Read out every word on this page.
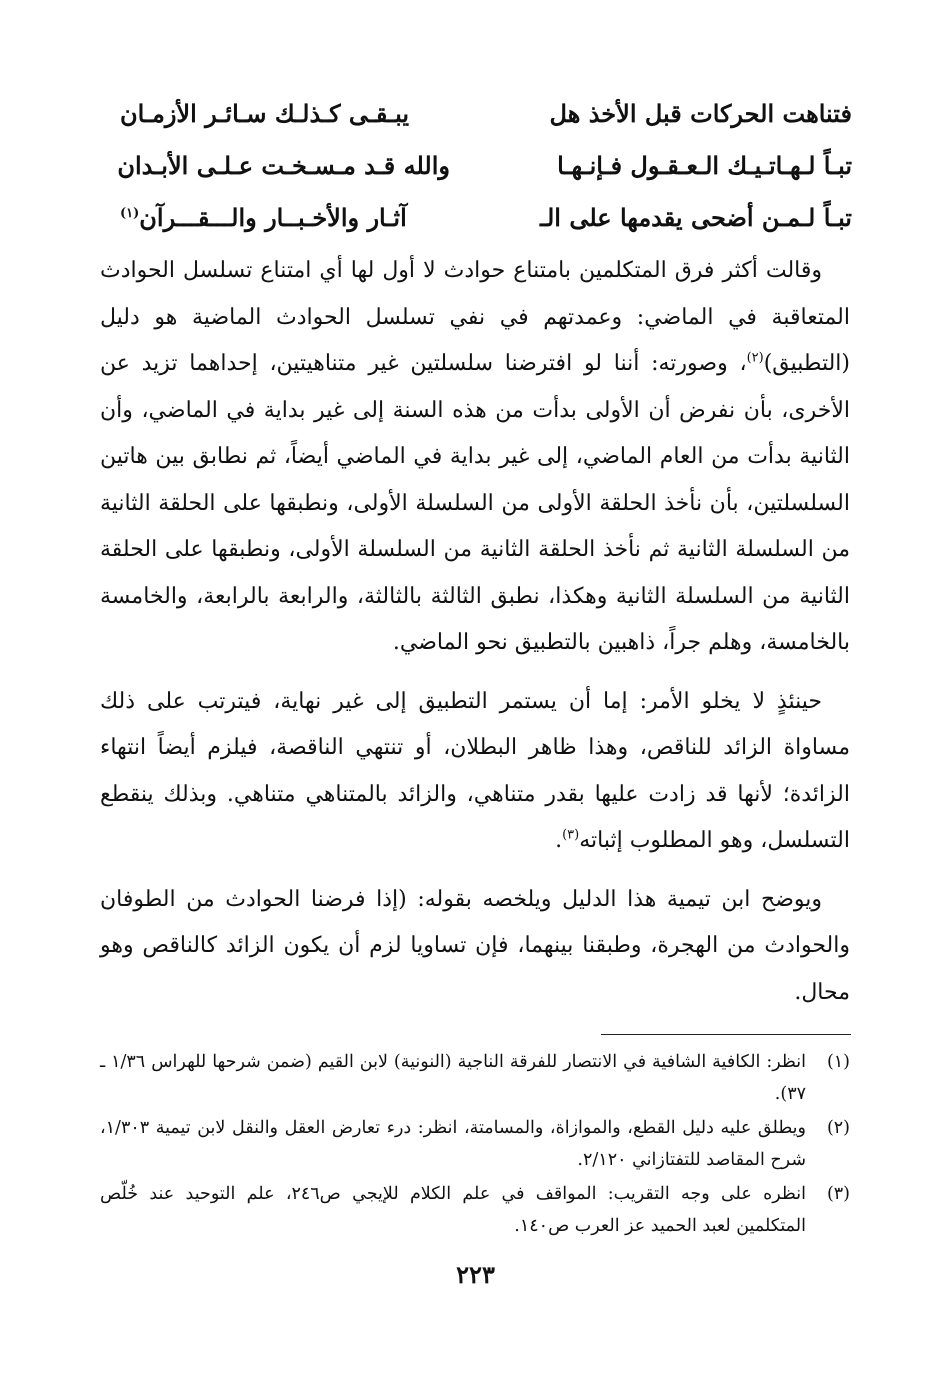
فتناهت الحركات قبل الأخذ هل
يبـقـى كـذلـك سـائـر الأزمـان
تبـاً لـهـاتـيـك الـعـقـول فـإنـهـا
والله قـد مـسـخـت عـلـى الأبـدان
تبـاً لـمـن أضحى يقدمها على الـ
آثـار والأخـبــار والـــقـــرآن$^{(١)}$

وقالت أكثر فرق المتكلمين بامتناع حوادث لا أول لها أي امتناع تسلسل الحوادث المتعاقبة في الماضي: وعمدتهم في نفي تسلسل الحوادث الماضية هو دليل (التطبيق)$^{(٢)}$، وصورته: أننا لو افترضنا سلسلتين غير متناهيتين، إحداهما تزيد عن الأخرى، بأن نفرض أن الأولى بدأت من هذه السنة إلى غير بداية في الماضي، وأن الثانية بدأت من العام الماضي، إلى غير بداية في الماضي أيضاً، ثم نطابق بين هاتين السلسلتين، بأن نأخذ الحلقة الأولى من السلسلة الأولى، ونطبقها على الحلقة الثانية من السلسلة الثانية ثم نأخذ الحلقة الثانية من السلسلة الأولى، ونطبقها على الحلقة الثانية من السلسلة الثانية وهكذا، نطبق الثالثة بالثالثة، والرابعة بالرابعة، والخامسة بالخامسة، وهلم جراً، ذاهبين بالتطبيق نحو الماضي.

حينئذٍ لا يخلو الأمر: إما أن يستمر التطبيق إلى غير نهاية، فيترتب على ذلك مساواة الزائد للناقص، وهذا ظاهر البطلان، أو تنتهي الناقصة، فيلزم أيضاً انتهاء الزائدة؛ لأنها قد زادت عليها بقدر متناهي، والزائد بالمتناهي متناهي. وبذلك ينقطع التسلسل، وهو المطلوب إثباته$^{(٣)}$.

ويوضح ابن تيمية هذا الدليل ويلخصه بقوله: (إذا فرضنا الحوادث من الطوفان والحوادث من الهجرة، وطبقنا بينهما، فإن تساويا لزم أن يكون الزائد كالناقص وهو محال.

(١)
انظر: الكافية الشافية في الانتصار للفرقة الناجية (النونية) لابن القيم (ضمن شرحها للهراس ١/٣٦ ـ ٣٧).
(٢)
ويطلق عليه دليل القطع، والموازاة، والمسامتة، انظر: درء تعارض العقل والنقل لابن تيمية ١/٣٠٣، شرح المقاصد للتفتازاني ٢/١٢٠.
(٣)
انظره على وجه التقريب: المواقف في علم الكلام للإيجي ص٢٤٦، علم التوحيد عند خُلّص المتكلمين لعبد الحميد عز العرب ص١٤٠.
٢٢٣
